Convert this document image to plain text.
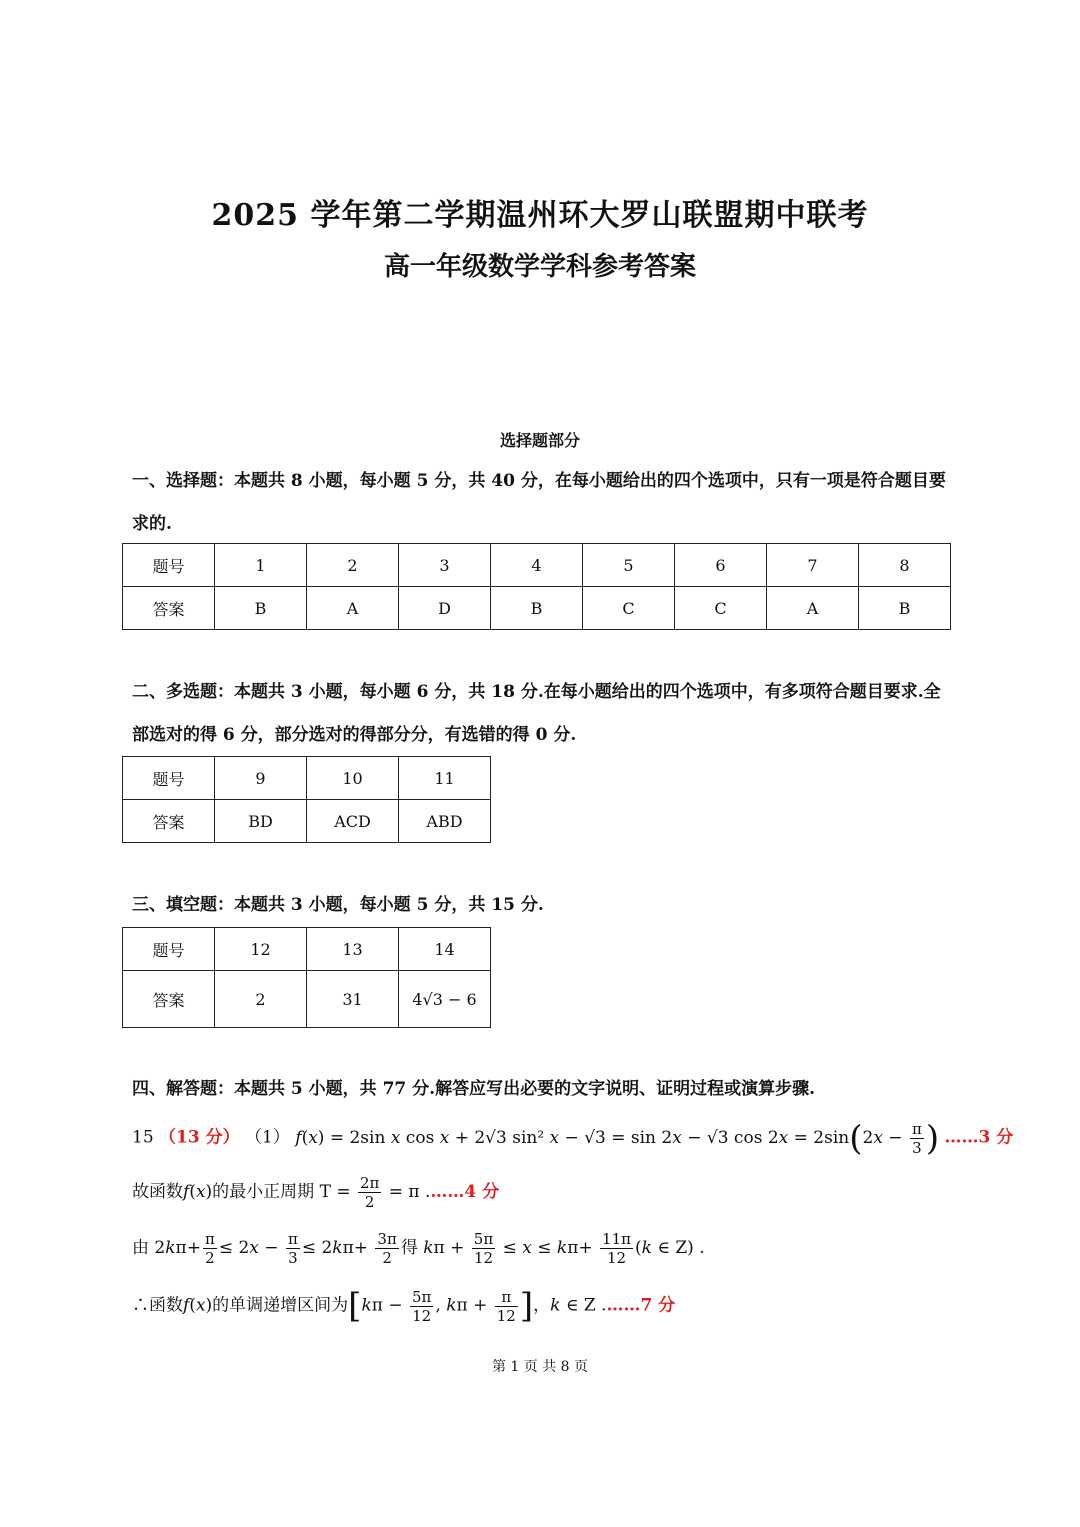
2025 学年第二学期温州环大罗山联盟期中联考
高一年级数学学科参考答案
选择题部分
一、选择题：本题共 8 小题，每小题 5 分，共 40 分，在每小题给出的四个选项中，只有一项是符合题目要求的.
题号	1	2	3	4	5	6	7	8
答案	B	A	D	B	C	C	A	B
二、多选题：本题共 3 小题，每小题 6 分，共 18 分.在每小题给出的四个选项中，有多项符合题目要求.全部选对的得 6 分，部分选对的得部分分，有选错的得 0 分.
题号	9	10	11
答案	BD	ACD	ABD
三、填空题：本题共 3 小题，每小题 5 分，共 15 分.
题号	12	13	14
答案	2	31	4√3 − 6
四、解答题：本题共 5 小题，共 77 分.解答应写出必要的文字说明、证明过程或演算步骤.
15 （13 分） （1） f(x) = 2sin x cos x + 2√3 sin² x − √3 = sin 2x − √3 $\cos 2x = 2\sin(2x - \frac{\pi}{3}$ ) ……3 分
故函数f(x)的最小正周期 $T = \frac{2\pi}{2} = \pi$ .……4 分
由 $2k\pi+ \frac{\pi}{2} \le 2x - \frac{\pi}{3} \le 2k\pi+ \frac{3\pi}{2}$ 得 $k\pi + \frac{5\pi}{12} \le x \le k\pi+ \frac{11\pi}{12} (k$ ∈ Z) .
∴函数f(x)的单调递增区间为[$k\pi - \frac{5\pi}{12}$ , $k\pi + \frac{\pi}{12}$ ]，k ∈ Z .……7 分
第 1 页 共 8 页
